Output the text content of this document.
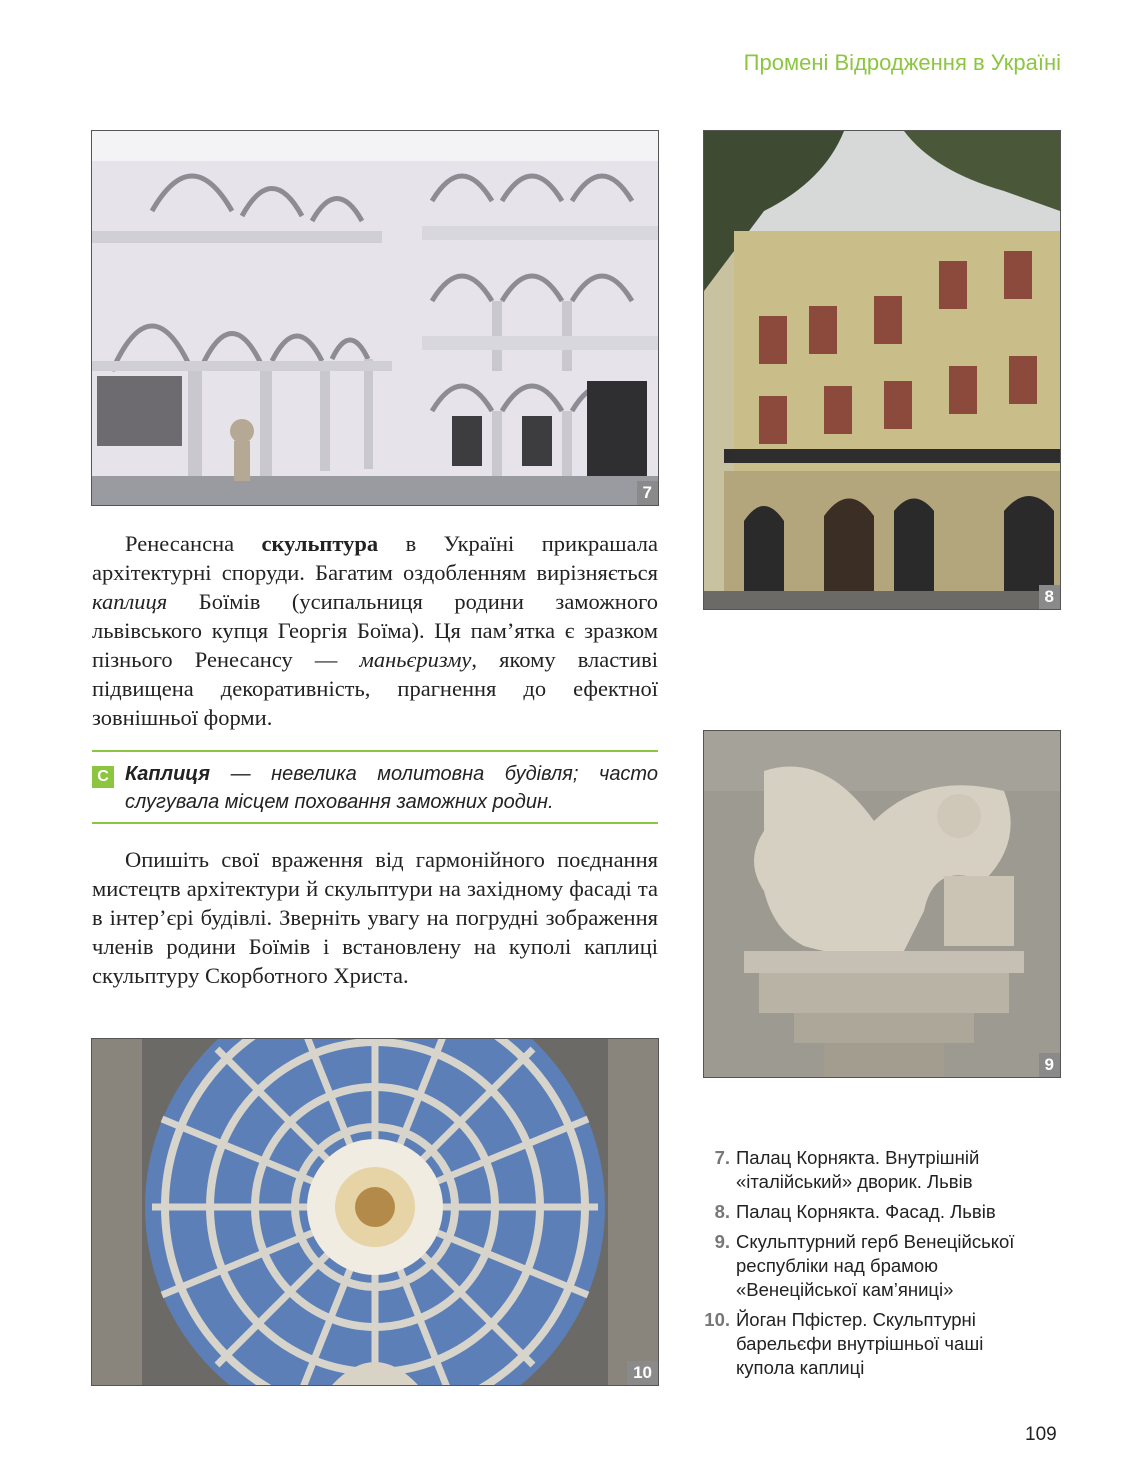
Промені Відродження в Україні
7
8

Ренесансна скульптура в Україні прикрашала архітектурні споруди. Багатим оздобленням вирізняється каплиця Боїмів (усипальниця родини заможного львівського купця Георгія Боїма). Ця пам’ятка є зразком пізнього Ренесансу — маньєризму, якому властиві підвищена декоративність, прагнення до ефектної зовнішньої форми.

С Каплиця — невелика молитовна будівля; часто слугувала місцем поховання заможних родин.

Опишіть свої враження від гармонійного поєднання мистецтв архітектури й скульптури на західному фасаді та в інтер’єрі будівлі. Зверніть увагу на погрудні зображення членів родини Боїмів і встановлену на куполі каплиці скульптуру Скорботного Христа.

9
10
7. Палац Корнякта. Внутрішній «італійський» дворик. Львів
8. Палац Корнякта. Фасад. Львів
9. Скульптурний герб Венеційської республіки над брамою «Венеційської кам’яниці»
10. Йоган Пфістер. Скульптурні барельєфи внутрішньої чаші купола каплиці
109
